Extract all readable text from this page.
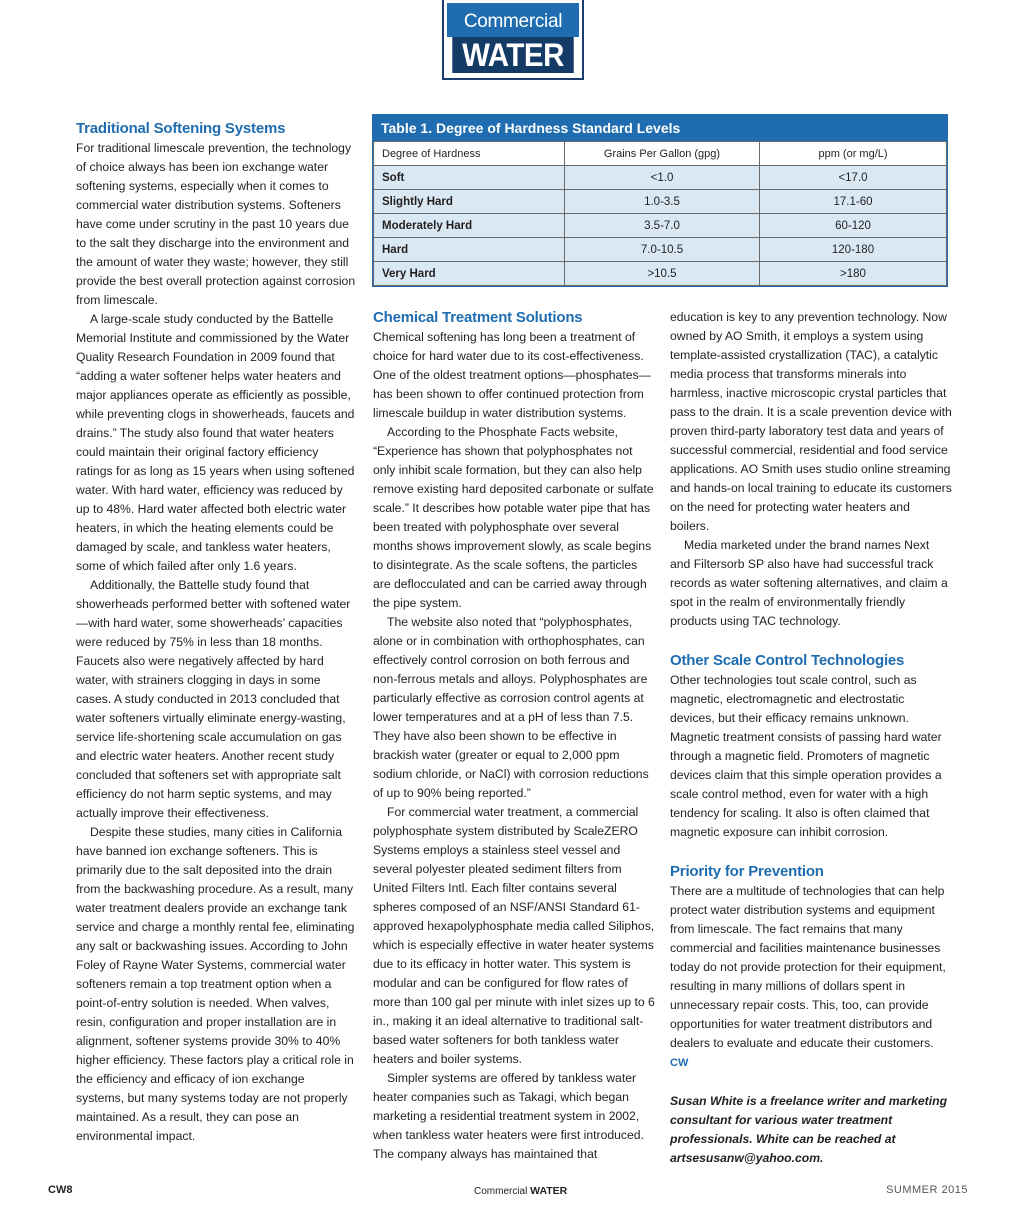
Commercial
WATER
Traditional Softening Systems

For traditional limescale prevention, the technology of choice always has been ion exchange water softening systems, especially when it comes to commercial water distribution systems. Softeners have come under scrutiny in the past 10 years due to the salt they discharge into the environment and the amount of water they waste; however, they still provide the best overall protection against corrosion from limescale.

A large-scale study conducted by the Battelle Memorial Institute and commissioned by the Water Quality Research Foundation in 2009 found that “adding a water softener helps water heaters and major appliances operate as efficiently as possible, while preventing clogs in showerheads, faucets and drains.” The study also found that water heaters could maintain their original factory efficiency ratings for as long as 15 years when using softened water. With hard water, efficiency was reduced by up to 48%. Hard water affected both electric water heaters, in which the heating elements could be damaged by scale, and tankless water heaters, some of which failed after only 1.6 years.

Additionally, the Battelle study found that showerheads performed better with softened water—with hard water, some showerheads’ capacities were reduced by 75% in less than 18 months. Faucets also were negatively affected by hard water, with strainers clogging in days in some cases. A study conducted in 2013 concluded that water softeners virtually eliminate energy-wasting, service life-shortening scale accumulation on gas and electric water heaters. Another recent study concluded that softeners set with appropriate salt efficiency do not harm septic systems, and may actually improve their effectiveness.

Despite these studies, many cities in California have banned ion exchange softeners. This is primarily due to the salt deposited into the drain from the backwashing procedure. As a result, many water treatment dealers provide an exchange tank service and charge a monthly rental fee, eliminating any salt or backwashing issues. According to John Foley of Rayne Water Systems, commercial water softeners remain a top treatment option when a point-of-entry solution is needed. When valves, resin, configuration and proper installation are in alignment, softener systems provide 30% to 40% higher efficiency. These factors play a critical role in the efficiency and efficacy of ion exchange systems, but many systems today are not properly maintained. As a result, they can pose an environmental impact.

Table 1. Degree of Hardness Standard Levels
Degree of Hardness	Grains Per Gallon (gpg)	ppm (or mg/L)
Soft	<1.0	<17.0
Slightly Hard	1.0-3.5	17.1-60
Moderately Hard	3.5-7.0	60-120
Hard	7.0-10.5	120-180
Very Hard	>10.5	>180
Chemical Treatment Solutions

Chemical softening has long been a treatment of choice for hard water due to its cost-effectiveness. One of the oldest treatment options—phosphates—has been shown to offer continued protection from limescale buildup in water distribution systems.

According to the Phosphate Facts website, “Experience has shown that polyphosphates not only inhibit scale formation, but they can also help remove existing hard deposited carbonate or sulfate scale.” It describes how potable water pipe that has been treated with polyphosphate over several months shows improvement slowly, as scale begins to disintegrate. As the scale softens, the particles are deflocculated and can be carried away through the pipe system.

The website also noted that “polyphosphates, alone or in combination with orthophosphates, can effectively control corrosion on both ferrous and non-ferrous metals and alloys. Polyphosphates are particularly effective as corrosion control agents at lower temperatures and at a pH of less than 7.5. They have also been shown to be effective in brackish water (greater or equal to 2,000 ppm sodium chloride, or NaCl) with corrosion reductions of up to 90% being reported.”

For commercial water treatment, a commercial polyphosphate system distributed by ScaleZERO Systems employs a stainless steel vessel and several polyester pleated sediment filters from United Filters Intl. Each filter contains several spheres composed of an NSF/ANSI Standard 61-approved hexapolyphosphate media called Siliphos, which is especially effective in water heater systems due to its efficacy in hotter water. This system is modular and can be configured for flow rates of more than 100 gal per minute with inlet sizes up to 6 in., making it an ideal alternative to traditional salt-based water softeners for both tankless water heaters and boiler systems.

Simpler systems are offered by tankless water heater companies such as Takagi, which began marketing a residential treatment system in 2002, when tankless water heaters were first introduced. The company always has maintained that

education is key to any prevention technology. Now owned by AO Smith, it employs a system using template-assisted crystallization (TAC), a catalytic media process that transforms minerals into harmless, inactive microscopic crystal particles that pass to the drain. It is a scale prevention device with proven third-party laboratory test data and years of successful commercial, residential and food service applications. AO Smith uses studio online streaming and hands-on local training to educate its customers on the need for protecting water heaters and boilers.

Media marketed under the brand names Next and Filtersorb SP also have had successful track records as water softening alternatives, and claim a spot in the realm of environmentally friendly products using TAC technology.

Other Scale Control Technologies

Other technologies tout scale control, such as magnetic, electromagnetic and electrostatic devices, but their efficacy remains unknown. Magnetic treatment consists of passing hard water through a magnetic field. Promoters of magnetic devices claim that this simple operation provides a scale control method, even for water with a high tendency for scaling. It also is often claimed that magnetic exposure can inhibit corrosion.

Priority for Prevention

There are a multitude of technologies that can help protect water distribution systems and equipment from limescale. The fact remains that many commercial and facilities maintenance businesses today do not provide protection for their equipment, resulting in many millions of dollars spent in unnecessary repair costs. This, too, can provide opportunities for water treatment distributors and dealers to evaluate and educate their customers. CW

Susan White is a freelance writer and marketing consultant for various water treatment professionals. White can be reached at artsesusanw@yahoo.com.

CW8	Commercial WATER	SUMMER 2015
